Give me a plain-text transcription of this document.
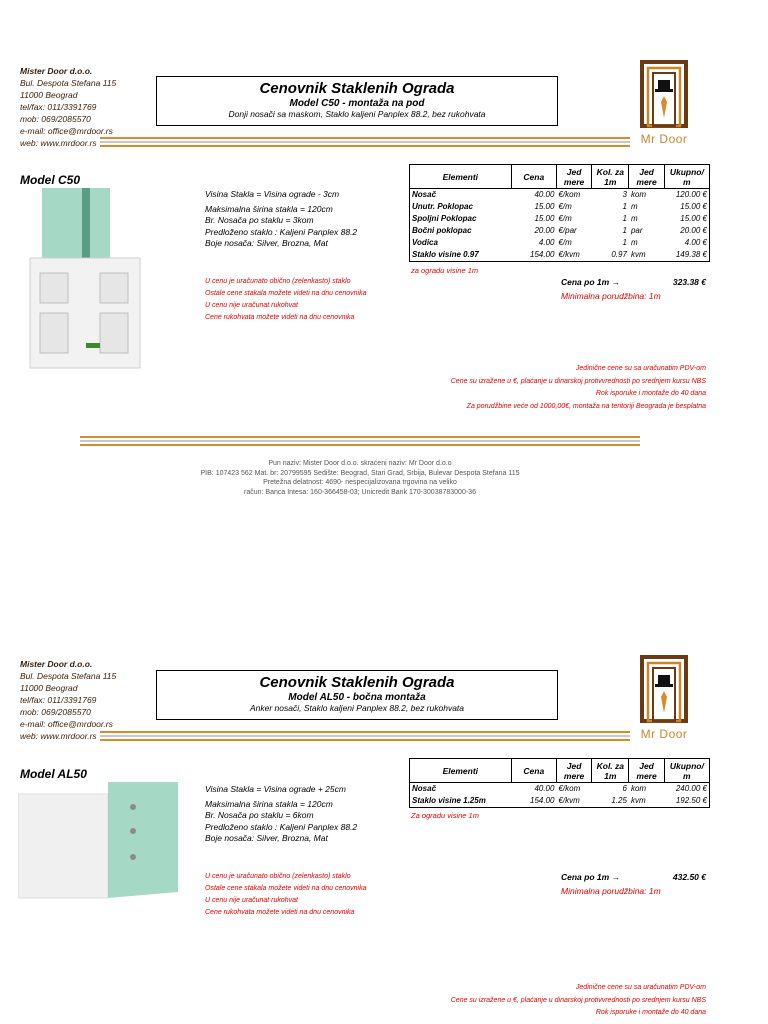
Mister Door d.o.o.
Bul. Despota Stefana 115
11000 Beograd
tel/fax: 011/3391769
mob: 069/2085570
e-mail: office@mrdoor.rs
web: www.mrdoor.rs
Cenovnik Staklenih Ograda
Model C50 - montaža na pod
Donji nosači sa maskom, Staklo kaljeni Panplex 88.2, bez rukohvata
Mr Door
Model C50
Visina Stakla = Visina ograde - 3cm
Maksimalna širina stakla = 120cm
Br. Nosača po staklu = 3kom
Predloženo staklo : Kaljeni Panplex 88.2
Boje nosača: Silver, Brozna, Mat
U cenu je uračunato obično (zelenkasto) staklo
Ostale cene stakala možete videti na dnu cenovnika
U cenu nije uračunat rukohvat
Cene rukohvata možete videti na dnu cenovnika
Elementi	Cena	Jed mere	Kol. za 1m	Jed mere	Ukupno/ m
Nosač	40.00	€/kom	3	kom	120.00 €
Unutr. Poklopac	15.00	€/m	1	m	15.00 €
Spoljni Poklopac	15.00	€/m	1	m	15.00 €
Bočni poklopac	20.00	€/par	1	par	20.00 €
Vodica	4.00	€/m	1	m	4.00 €
Staklo visine 0.97	154.00	€/kvm	0.97	kvm	149.38 €
za ogradu visine 1m
Cena po 1m →	323.38 €
Minimalna porudžbina: 1m
Jedinične cene su sa uračunatim PDV-om
Cene su izražene u €, plaćanje u dinarskoj protivvrednosti po srednjem kursu NBS
Rok isporuke i montaže do 40 dana
Za porudžbine veće od 1000,00€, montaža na teritoriji Beograda je besplatna
Pun naziv: Mister Door d.o.o. skraćeni naziv: Mr Door d.o.o
PIB: 107423 562 Mat. br: 20799595 Sedište: Beograd, Stari Grad, Srbija, Bulevar Despota Stefana 115
Pretežna delatnost: 4690- nespecijalizovana trgovina na veliko
račun: Banca Intesa: 160-366458-03; Unicredit Bank 170-30038783000-36
Mister Door d.o.o.
Bul. Despota Stefana 115
11000 Beograd
tel/fax: 011/3391769
mob: 069/2085570
e-mail: office@mrdoor.rs
web: www.mrdoor.rs
Cenovnik Staklenih Ograda
Model AL50 - bočna montaža
Anker nosači, Staklo kaljeni Panplex 88.2, bez rukohvata
Mr Door
Model AL50
Visina Stakla = Visina ograde + 25cm
Maksimalna širina stakla = 120cm
Br. Nosača po staklu = 6kom
Predloženo staklo : Kaljeni Panplex 88.2
Boje nosača: Silver, Brozna, Mat
U cenu je uračunato obično (zelenkasto) staklo
Ostale cene stakala možete videti na dnu cenovnika
U cenu nije uračunat rukohvat
Cene rukohvata možete videti na dnu cenovnika
Elementi	Cena	Jed mere	Kol. za 1m	Jed mere	Ukupno/ m
Nosač	40.00	€/kom	6	kom	240.00 €
Staklo visine 1.25m	154.00	€/kvm	1.25	kvm	192.50 €
Za ogradu visine 1m
Cena po 1m →	432.50 €
Minimalna porudžbina: 1m
Jedinične cene su sa uračunatim PDV-om
Cene su izražene u €, plaćanje u dinarskoj protivvrednosti po srednjem kursu NBS
Rok isporuke i montaže do 40 dana
